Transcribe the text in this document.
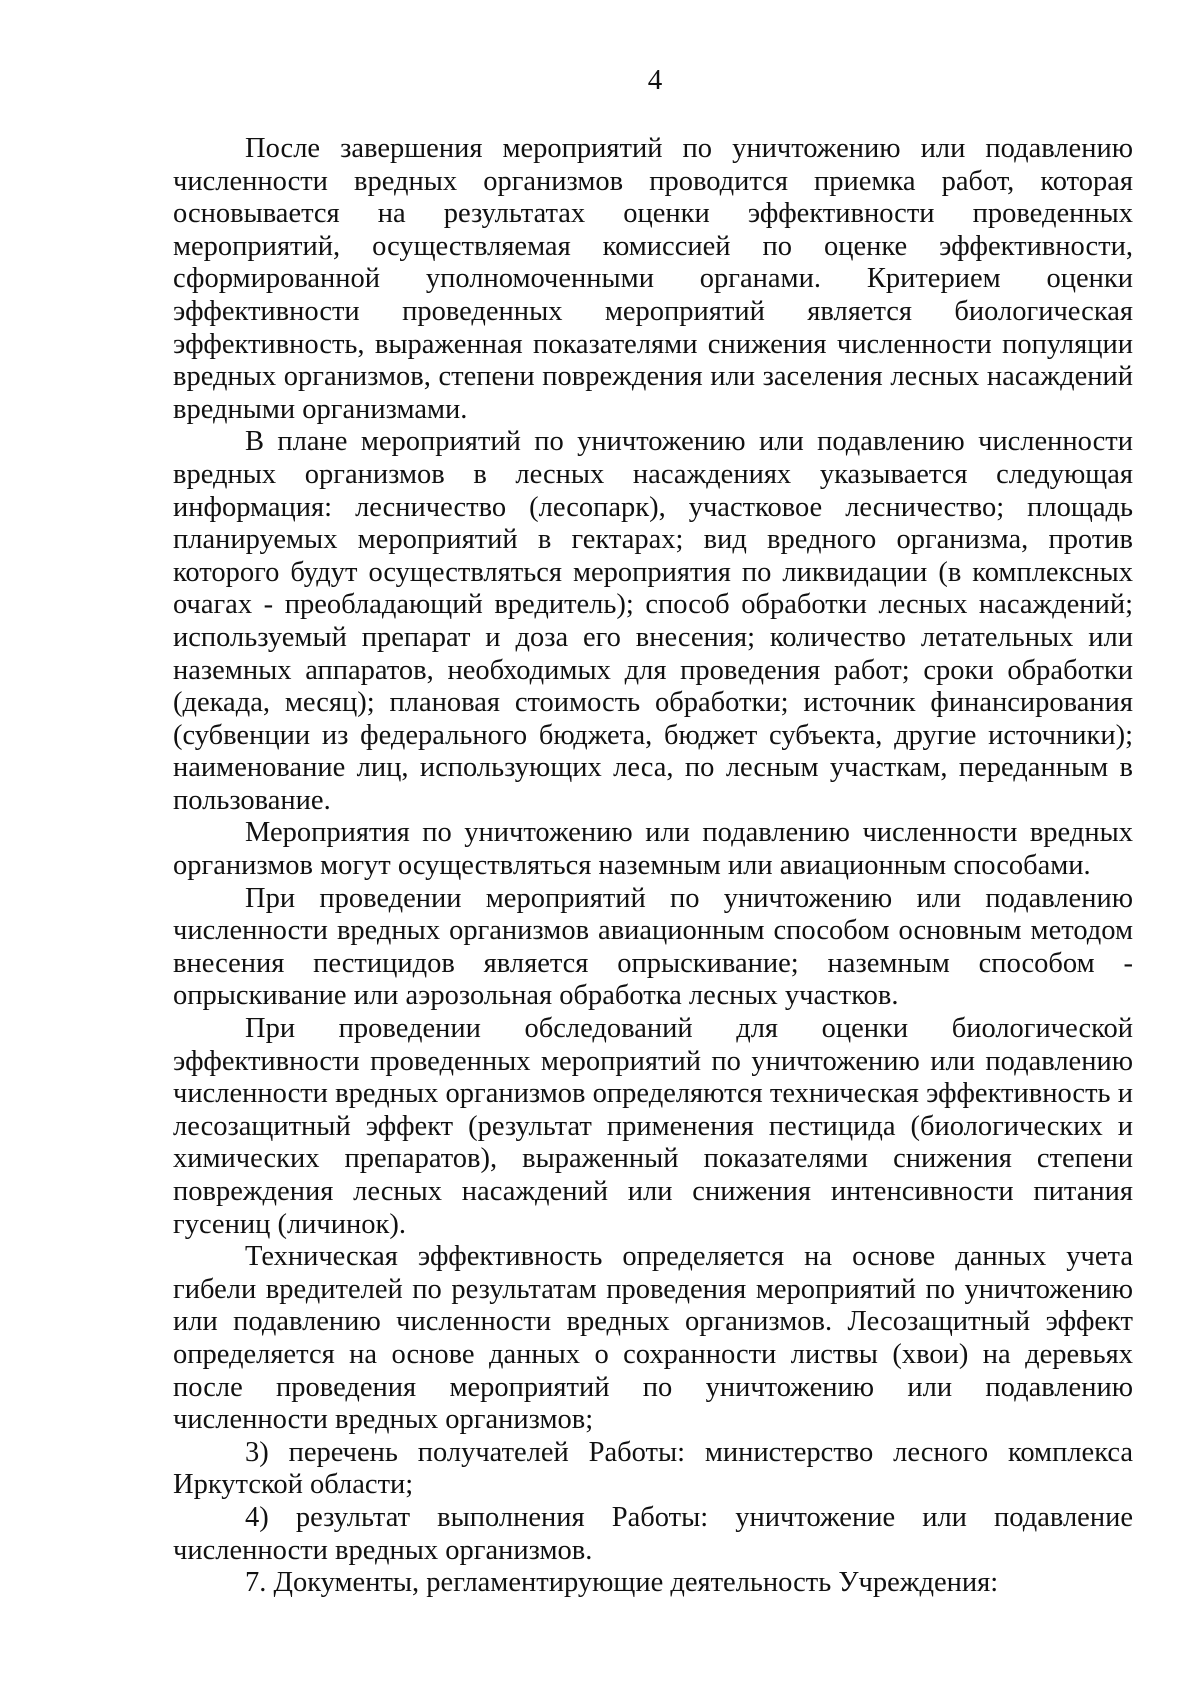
4

После завершения мероприятий по уничтожению или подавлению численности вредных организмов проводится приемка работ, которая основывается на результатах оценки эффективности проведенных мероприятий, осуществляемая комиссией по оценке эффективности, сформированной уполномоченными органами. Критерием оценки эффективности проведенных мероприятий является биологическая эффективность, выраженная показателями снижения численности популяции вредных организмов, степени повреждения или заселения лесных насаждений вредными организмами.

В плане мероприятий по уничтожению или подавлению численности вредных организмов в лесных насаждениях указывается следующая информация: лесничество (лесопарк), участковое лесничество; площадь планируемых мероприятий в гектарах; вид вредного организма, против которого будут осуществляться мероприятия по ликвидации (в комплексных очагах - преобладающий вредитель); способ обработки лесных насаждений; используемый препарат и доза его внесения; количество летательных или наземных аппаратов, необходимых для проведения работ; сроки обработки (декада, месяц); плановая стоимость обработки; источник финансирования (субвенции из федерального бюджета, бюджет субъекта, другие источники); наименование лиц, использующих леса, по лесным участкам, переданным в пользование.

Мероприятия по уничтожению или подавлению численности вредных организмов могут осуществляться наземным или авиационным способами.

При проведении мероприятий по уничтожению или подавлению численности вредных организмов авиационным способом основным методом внесения пестицидов является опрыскивание; наземным способом - опрыскивание или аэрозольная обработка лесных участков.

При проведении обследований для оценки биологической эффективности проведенных мероприятий по уничтожению или подавлению численности вредных организмов определяются техническая эффективность и лесозащитный эффект (результат применения пестицида (биологических и химических препаратов), выраженный показателями снижения степени повреждения лесных насаждений или снижения интенсивности питания гусениц (личинок).

Техническая эффективность определяется на основе данных учета гибели вредителей по результатам проведения мероприятий по уничтожению или подавлению численности вредных организмов. Лесозащитный эффект определяется на основе данных о сохранности листвы (хвои) на деревьях после проведения мероприятий по уничтожению или подавлению численности вредных организмов;

3) перечень получателей Работы: министерство лесного комплекса Иркутской области;

4) результат выполнения Работы: уничтожение или подавление численности вредных организмов.

7. Документы, регламентирующие деятельность Учреждения:
